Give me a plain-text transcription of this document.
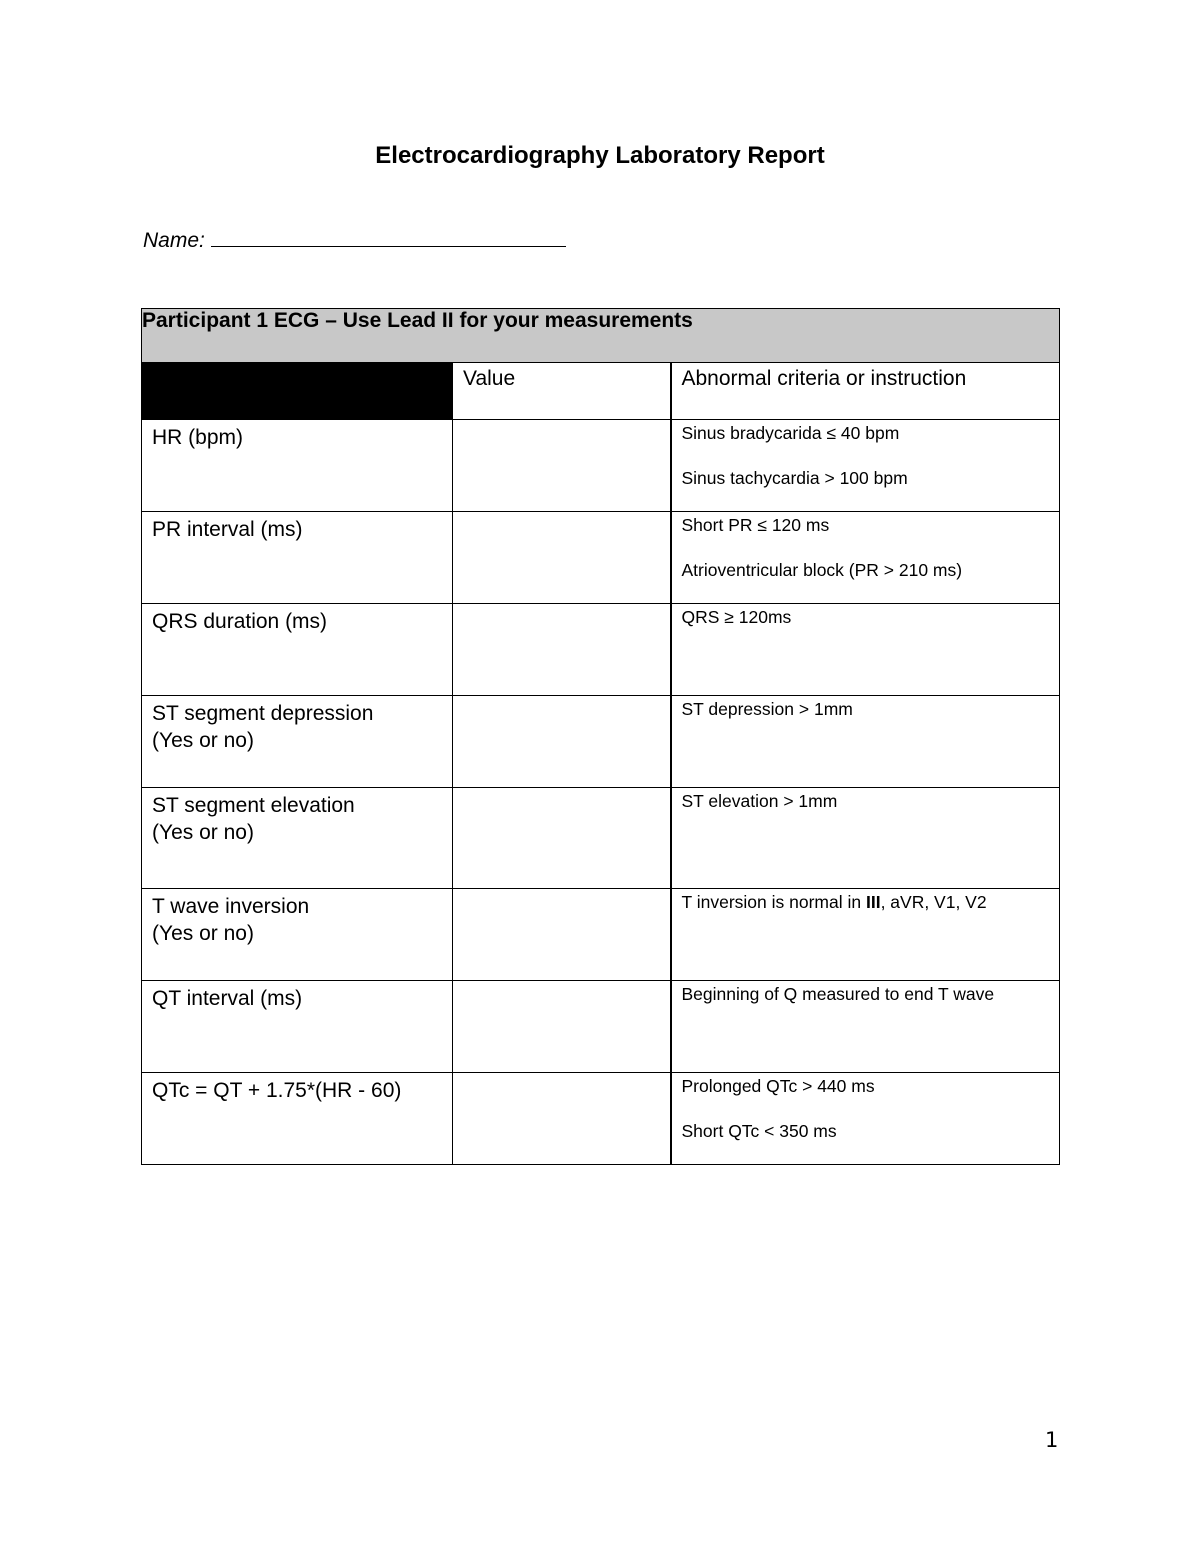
Electrocardiography Laboratory Report
Name:
Participant 1 ECG – Use Lead II for your measurements		
	Value	Abnormal criteria or instruction
HR (bpm)		Sinus bradycarida ≤ 40 bpm
Sinus tachycardia > 100 bpm

PR interval (ms)		Short PR ≤ 120 ms
Atrioventricular block (PR > 210 ms)

QRS duration (ms)		QRS ≥ 120ms

ST segment depression
(Yes or no)		ST depression > 1mm

ST segment elevation
(Yes or no)		ST elevation > 1mm

T wave inversion
(Yes or no)		T inversion is normal in III, aVR, V1, V2

QT interval (ms)		Beginning of Q measured to end T wave

QTc = QT + 1.75*(HR - 60)		Prolonged QTc > 440 ms
Short QTc < 350 ms
1
